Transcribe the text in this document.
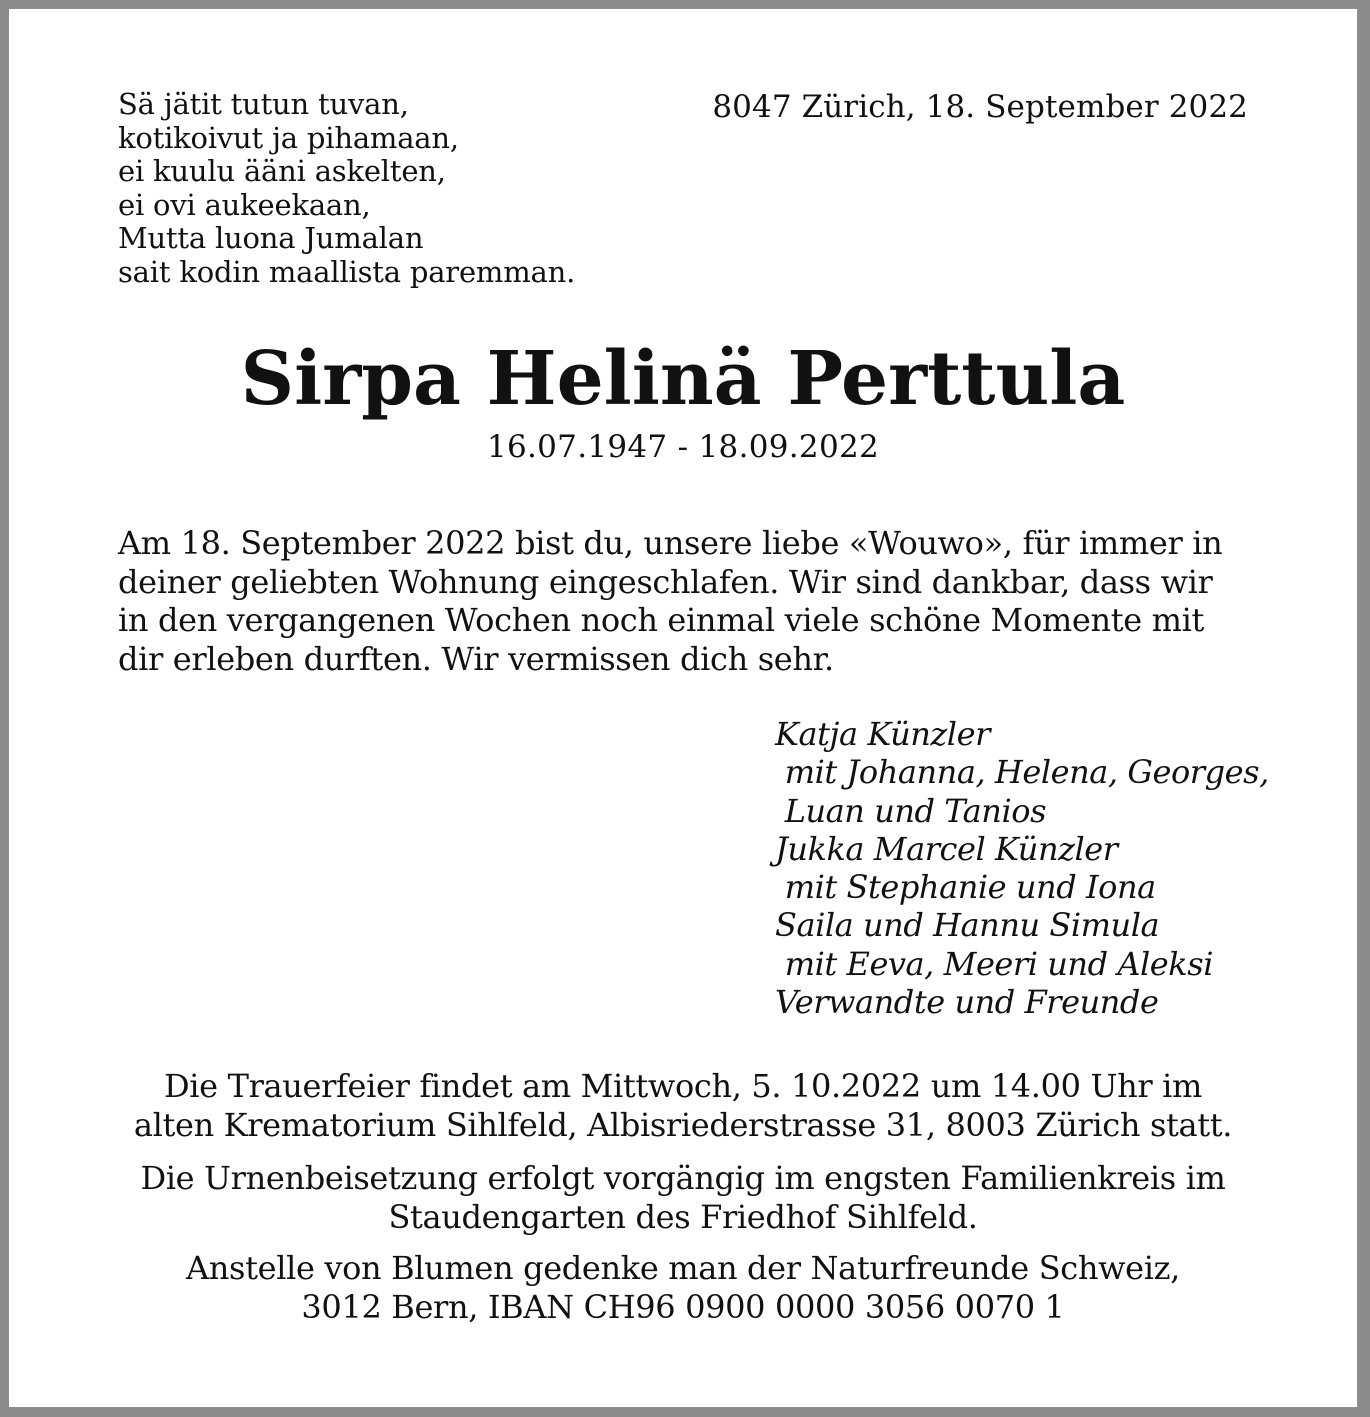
Sä jätit tutun tuvan,
kotikoivut ja pihamaan,
ei kuulu ääni askelten,
ei ovi aukeekaan,
Mutta luona Jumalan
sait kodin maallista paremman.
8047 Zürich, 18. September 2022
Sirpa Helinä Perttula
16.07.1947 - 18.09.2022
Am 18. September 2022 bist du, unsere liebe «Wouwo», für immer in
deiner geliebten Wohnung eingeschlafen. Wir sind dankbar, dass wir
in den vergangenen Wochen noch einmal viele schöne Momente mit
dir erleben durften. Wir vermissen dich sehr.
Katja Künzler
mit Johanna, Helena, Georges,
Luan und Tanios
Jukka Marcel Künzler
mit Stephanie und Iona
Saila und Hannu Simula
mit Eeva, Meeri und Aleksi
Verwandte und Freunde
Die Trauerfeier findet am Mittwoch, 5. 10.2022 um 14.00 Uhr im
alten Krematorium Sihlfeld, Albisriederstrasse 31, 8003 Zürich statt.
Die Urnenbeisetzung erfolgt vorgängig im engsten Familienkreis im
Staudengarten des Friedhof Sihlfeld.
Anstelle von Blumen gedenke man der Naturfreunde Schweiz,
3012 Bern, IBAN CH96 0900 0000 3056 0070 1
